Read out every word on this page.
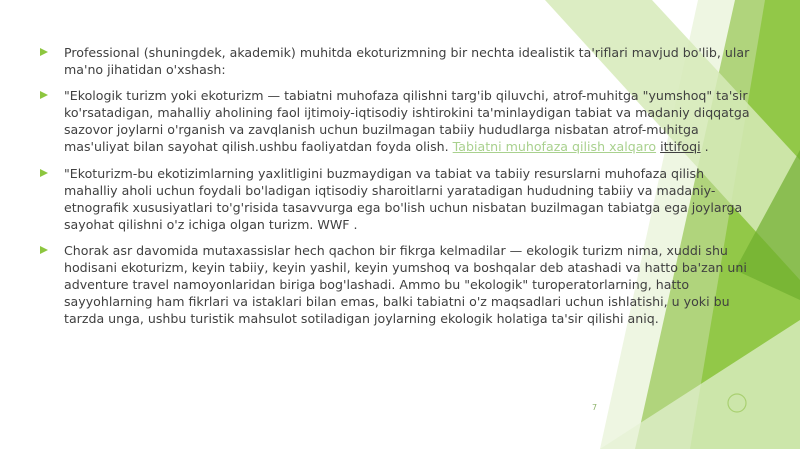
Professional (shuningdek, akademik) muhitda ekoturizmning bir nechta idealistik ta'riflari mavjud bo'lib, ular ma'no jihatidan o'xshash:
"Ekologik turizm yoki ekoturizm — tabiatni muhofaza qilishni targ'ib qiluvchi, atrof-muhitga "yumshoq" ta'sir ko'rsatadigan, mahalliy aholining faol ijtimoiy-iqtisodiy ishtirokini ta'minlaydigan tabiat va madaniy diqqatga sazovor joylarni o'rganish va zavqlanish uchun buzilmagan tabiiy hududlarga nisbatan atrof-muhitga mas'uliyat bilan sayohat qilish.ushbu faoliyatdan foyda olish. Tabiatni muhofaza qilish xalqaro ittifoqi .
"Ekoturizm-bu ekotizimlarning yaxlitligini buzmaydigan va tabiat va tabiiy resurslarni muhofaza qilish mahalliy aholi uchun foydali bo'ladigan iqtisodiy sharoitlarni yaratadigan hududning tabiiy va madaniy-etnografik xususiyatlari to'g'risida tasavvurga ega bo'lish uchun nisbatan buzilmagan tabiatga ega joylarga sayohat qilishni o'z ichiga olgan turizm. WWF .
Chorak asr davomida mutaxassislar hech qachon bir fikrga kelmadilar — ekologik turizm nima, xuddi shu hodisani ekoturizm, keyin tabiiy, keyin yashil, keyin yumshoq va boshqalar deb atashadi va hatto ba'zan uni adventure travel namoyonlaridan biriga bog'lashadi. Ammo bu "ekologik" turoperatorlarning, hatto sayyohlarning ham fikrlari va istaklari bilan emas, balki tabiatni o'z maqsadlari uchun ishlatishi, u yoki bu tarzda unga, ushbu turistik mahsulot sotiladigan joylarning ekologik holatiga ta'sir qilishi aniq.
7
